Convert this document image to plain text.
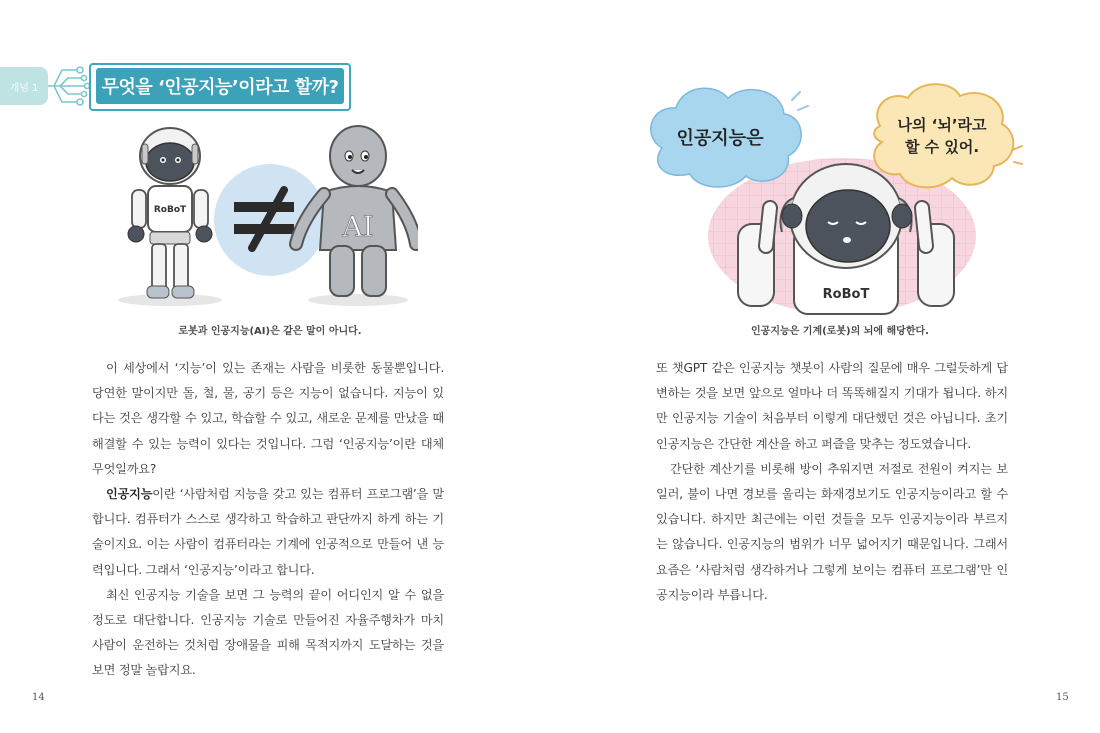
개념 1	무엇을 ‘인공지능’이라고 할까?
RoBoT	AI
로봇과 인공지능(AI)은 같은 말이 아니다.

이 세상에서 ‘지능’이 있는 존재는 사람을 비롯한 동물뿐입니다. 당연한 말이지만 돌, 철, 물, 공기 등은 지능이 없습니다. 지능이 있다는 것은 생각할 수 있고, 학습할 수 있고, 새로운 문제를 만났을 때 해결할 수 있는 능력이 있다는 것입니다. 그럼 ‘인공지능’이란 대체 무엇일까요?

인공지능이란 ‘사람처럼 지능을 갖고 있는 컴퓨터 프로그램’을 말합니다. 컴퓨터가 스스로 생각하고 학습하고 판단까지 하게 하는 기술이지요. 이는 사람이 컴퓨터라는 기계에 인공적으로 만들어 낸 능력입니다. 그래서 ‘인공지능’이라고 합니다.

최신 인공지능 기술을 보면 그 능력의 끝이 어디인지 알 수 없을 정도로 대단합니다. 인공지능 기술로 만들어진 자율주행차가 마치 사람이 운전하는 것처럼 장애물을 피해 목적지까지 도달하는 것을 보면 정말 놀랍지요.

14
RoBoT
인공지능은
나의 ‘뇌’라고
할 수 있어.
인공지능은 기계(로봇)의 뇌에 해당한다.

또 챗GPT 같은 인공지능 챗봇이 사람의 질문에 매우 그럴듯하게 답변하는 것을 보면 앞으로 얼마나 더 똑똑해질지 기대가 됩니다. 하지만 인공지능 기술이 처음부터 이렇게 대단했던 것은 아닙니다. 초기 인공지능은 간단한 계산을 하고 퍼즐을 맞추는 정도였습니다.

간단한 계산기를 비롯해 방이 추워지면 저절로 전원이 켜지는 보일러, 불이 나면 경보를 울리는 화재경보기도 인공지능이라고 할 수 있습니다. 하지만 최근에는 이런 것들을 모두 인공지능이라 부르지는 않습니다. 인공지능의 범위가 너무 넓어지기 때문입니다. 그래서 요즘은 ‘사람처럼 생각하거나 그렇게 보이는 컴퓨터 프로그램’만 인공지능이라 부릅니다.

15
